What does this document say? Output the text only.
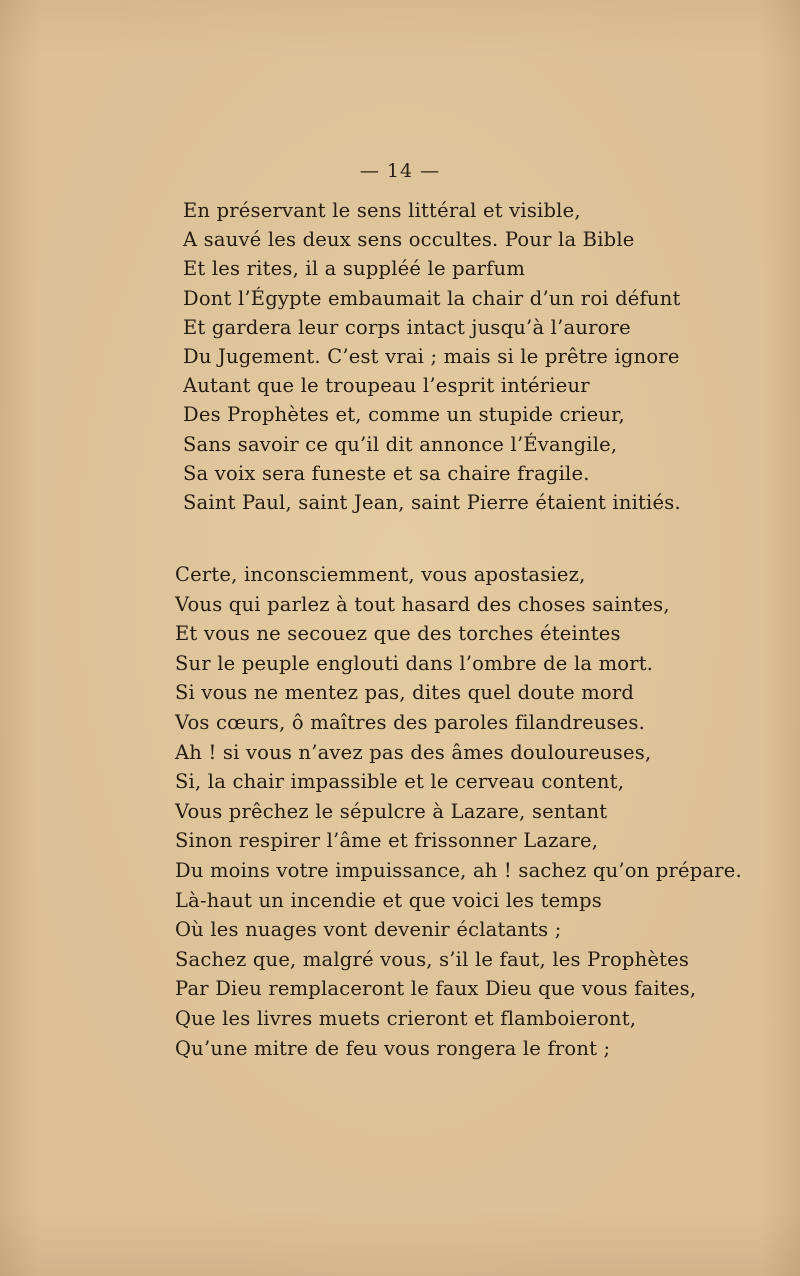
— 14 —

En préservant le sens littéral et visible,
A sauvé les deux sens occultes. Pour la Bible
Et les rites, il a suppléé le parfum
Dont l’Égypte embaumait la chair d’un roi défunt
Et gardera leur corps intact jusqu’à l’aurore
Du Jugement. C’est vrai ; mais si le prêtre ignore
Autant que le troupeau l’esprit intérieur
Des Prophètes et, comme un stupide crieur,
Sans savoir ce qu’il dit annonce l’Évangile,
Sa voix sera funeste et sa chaire fragile.
Saint Paul, saint Jean, saint Pierre étaient initiés.
Certe, inconsciemment, vous apostasiez,
Vous qui parlez à tout hasard des choses saintes,
Et vous ne secouez que des torches éteintes
Sur le peuple englouti dans l’ombre de la mort.
Si vous ne mentez pas, dites quel doute mord
Vos cœurs, ô maîtres des paroles filandreuses.
Ah ! si vous n’avez pas des âmes douloureuses,
Si, la chair impassible et le cerveau content,
Vous prêchez le sépulcre à Lazare, sentant
Sinon respirer l’âme et frissonner Lazare,
Du moins votre impuissance, ah ! sachez qu’on prépare.
Là-haut un incendie et que voici les temps
Où les nuages vont devenir éclatants ;
Sachez que, malgré vous, s’il le faut, les Prophètes
Par Dieu remplaceront le faux Dieu que vous faites,
Que les livres muets crieront et flamboieront,
Qu’une mitre de feu vous rongera le front ;
